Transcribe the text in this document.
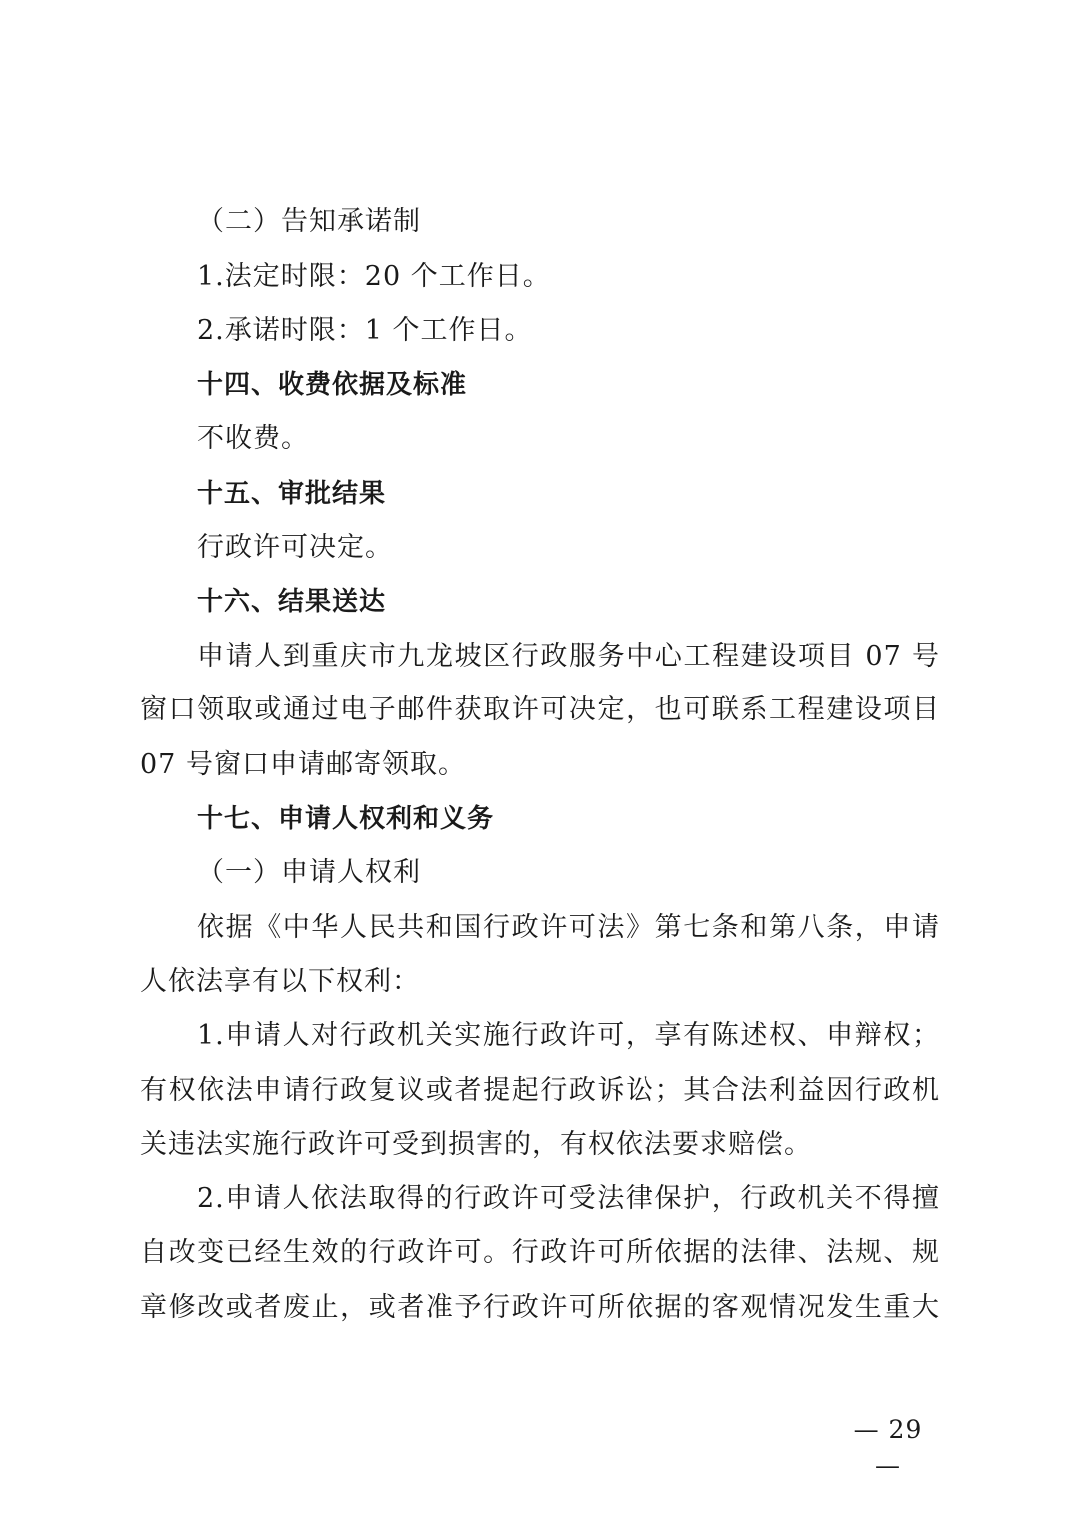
（二）告知承诺制
1.法定时限：20 个工作日。
2.承诺时限：1 个工作日。
十四、收费依据及标准
不收费。
十五、审批结果
行政许可决定。
十六、结果送达
申请人到重庆市九龙坡区行政服务中心工程建设项目 07 号
窗口领取或通过电子邮件获取许可决定，也可联系工程建设项目
07 号窗口申请邮寄领取。
十七、申请人权利和义务
（一）申请人权利
依据《中华人民共和国行政许可法》第七条和第八条，申请
人依法享有以下权利：
1.申请人对行政机关实施行政许可，享有陈述权、申辩权；
有权依法申请行政复议或者提起行政诉讼；其合法利益因行政机
关违法实施行政许可受到损害的，有权依法要求赔偿。
2.申请人依法取得的行政许可受法律保护，行政机关不得擅
自改变已经生效的行政许可。行政许可所依据的法律、法规、规
章修改或者废止，或者准予行政许可所依据的客观情况发生重大
— 29 —
